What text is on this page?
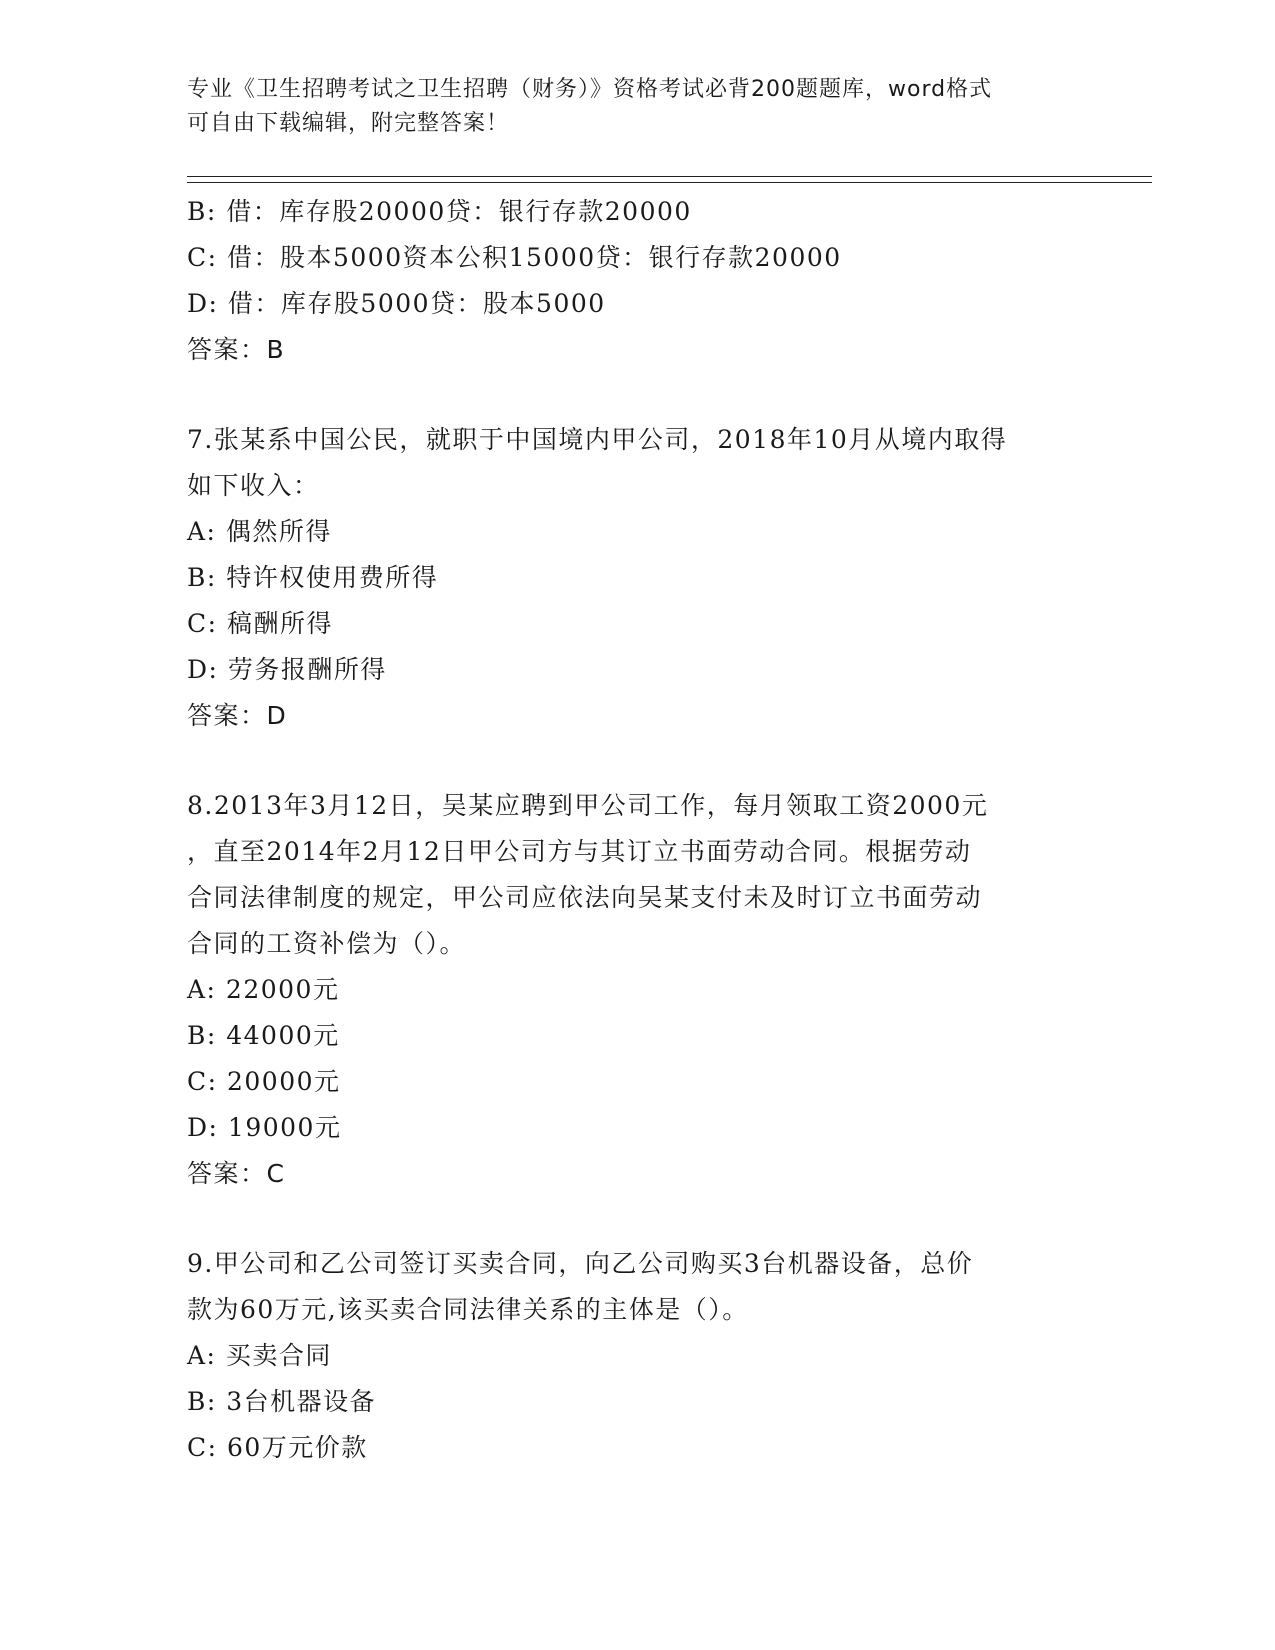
专业《卫生招聘考试之卫生招聘（财务）》资格考试必背200题题库，word格式
可自由下载编辑，附完整答案！
B: 借：库存股20000贷：银行存款20000
C: 借：股本5000资本公积15000贷：银行存款20000
D: 借：库存股5000贷：股本5000
答案：B
7.张某系中国公民，就职于中国境内甲公司，2018年10月从境内取得
如下收入：
A: 偶然所得
B: 特许权使用费所得
C: 稿酬所得
D: 劳务报酬所得
答案：D
8.2013年3月12日，吴某应聘到甲公司工作，每月领取工资2000元
，直至2014年2月12日甲公司方与其订立书面劳动合同。根据劳动
合同法律制度的规定，甲公司应依法向吴某支付未及时订立书面劳动
合同的工资补偿为（）。
A: 22000元
B: 44000元
C: 20000元
D: 19000元
答案：C
9.甲公司和乙公司签订买卖合同，向乙公司购买3台机器设备，总价
款为60万元,该买卖合同法律关系的主体是（）。
A: 买卖合同
B: 3台机器设备
C: 60万元价款
